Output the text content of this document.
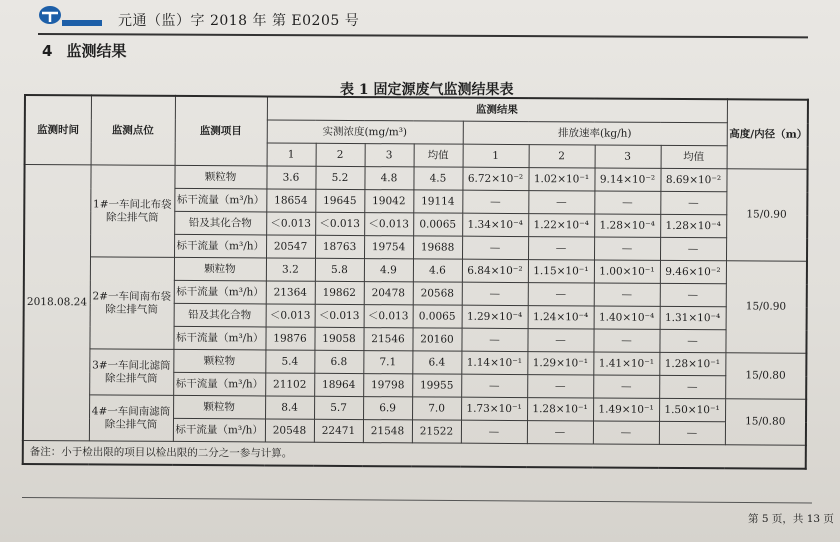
元通（监）字 2018 年 第 E0205 号
4 监测结果
表 1 固定源废气监测结果表
监测时间	监测点位	监测项目	监测结果								高度/内径（m）
			实测浓度(mg/m³)				排放速率(kg/h)				
			1	2	3	均值	1	2	3	均值	
2018.08.24	1#一车间北布袋除尘排气筒	颗粒物	3.6	5.2	4.8	4.5	6.72×10⁻²	1.02×10⁻¹	9.14×10⁻²	8.69×10⁻²	15/0.90
		标干流量（m³/h）	18654	19645	19042	19114	—	—	—	—	
		铅及其化合物	＜0.013	＜0.013	＜0.013	0.0065	1.34×10⁻⁴	1.22×10⁻⁴	1.28×10⁻⁴	1.28×10⁻⁴	
		标干流量（m³/h）	20547	18763	19754	19688	—	—	—	—	
	2#一车间南布袋除尘排气筒	颗粒物	3.2	5.8	4.9	4.6	6.84×10⁻²	1.15×10⁻¹	1.00×10⁻¹	9.46×10⁻²	15/0.90
		标干流量（m³/h）	21364	19862	20478	20568	—	—	—	—	
		铅及其化合物	＜0.013	＜0.013	＜0.013	0.0065	1.29×10⁻⁴	1.24×10⁻⁴	1.40×10⁻⁴	1.31×10⁻⁴	
		标干流量（m³/h）	19876	19058	21546	20160	—	—	—	—	
	3#一车间北滤筒除尘排气筒	颗粒物	5.4	6.8	7.1	6.4	1.14×10⁻¹	1.29×10⁻¹	1.41×10⁻¹	1.28×10⁻¹	15/0.80
		标干流量（m³/h）	21102	18964	19798	19955	—	—	—	—	
	4#一车间南滤筒除尘排气筒	颗粒物	8.4	5.7	6.9	7.0	1.73×10⁻¹	1.28×10⁻¹	1.49×10⁻¹	1.50×10⁻¹	15/0.80
		标干流量（m³/h）	20548	22471	21548	21522	—	—	—	—	
备注：小于检出限的项目以检出限的二分之一参与计算。											
第 5 页，共 13 页
